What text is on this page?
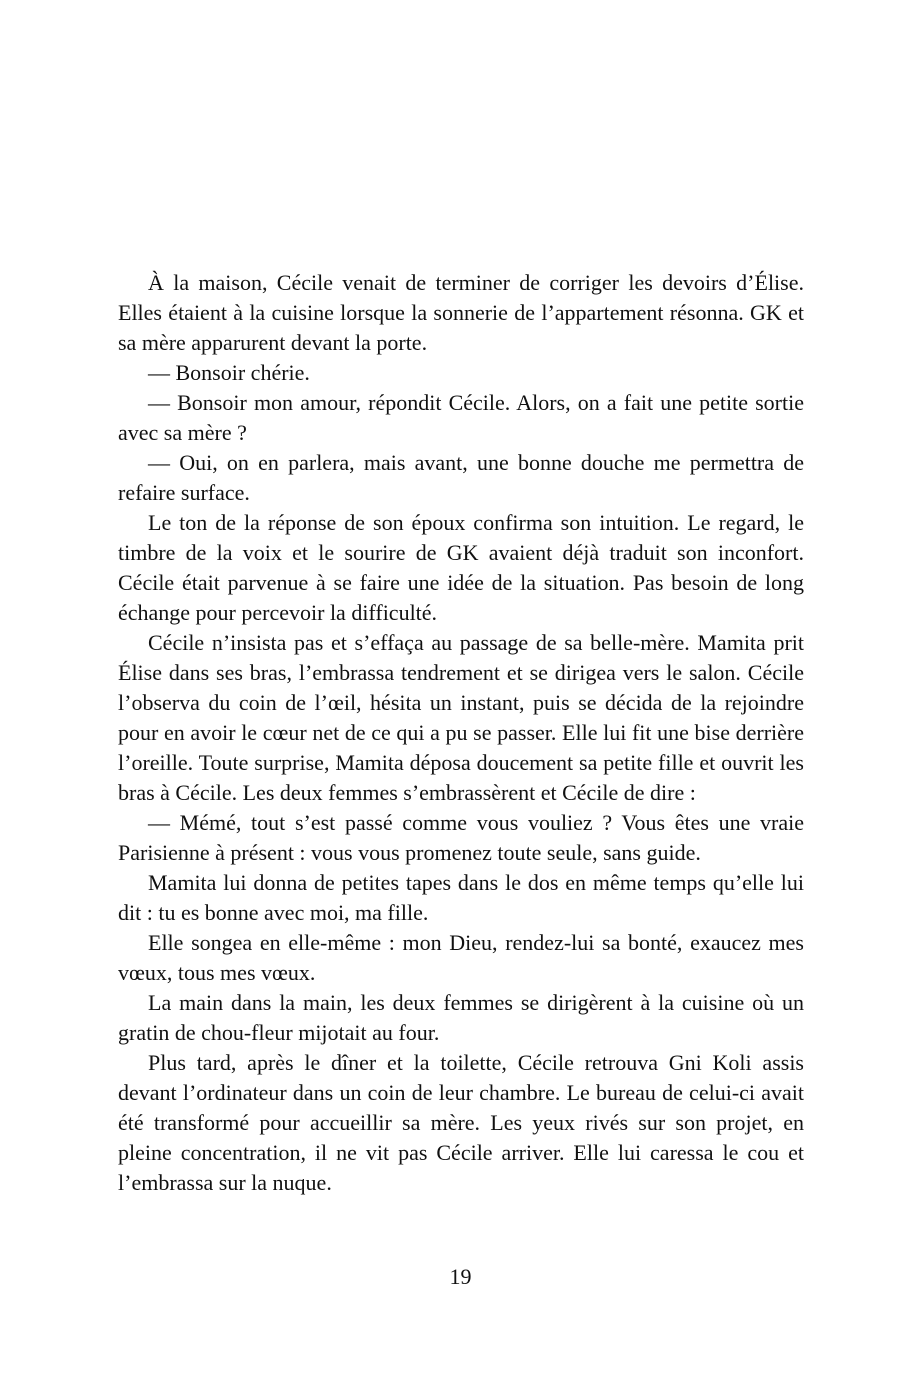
À la maison, Cécile venait de terminer de corriger les devoirs d’Élise. Elles étaient à la cuisine lorsque la sonnerie de l’appartement résonna. GK et sa mère apparurent devant la porte.

— Bonsoir chérie.

— Bonsoir mon amour, répondit Cécile. Alors, on a fait une petite sortie avec sa mère ?

— Oui, on en parlera, mais avant, une bonne douche me permettra de refaire surface.

Le ton de la réponse de son époux confirma son intuition. Le regard, le timbre de la voix et le sourire de GK avaient déjà traduit son inconfort. Cécile était parvenue à se faire une idée de la situation. Pas besoin de long échange pour percevoir la difficulté.

Cécile n’insista pas et s’effaça au passage de sa belle-mère. Mamita prit Élise dans ses bras, l’embrassa tendrement et se dirigea vers le salon. Cécile l’observa du coin de l’œil, hésita un instant, puis se décida de la rejoindre pour en avoir le cœur net de ce qui a pu se passer. Elle lui fit une bise derrière l’oreille. Toute surprise, Mamita déposa doucement sa petite fille et ouvrit les bras à Cécile. Les deux femmes s’embrassèrent et Cécile de dire :

— Mémé, tout s’est passé comme vous vouliez ? Vous êtes une vraie Parisienne à présent : vous vous promenez toute seule, sans guide.

Mamita lui donna de petites tapes dans le dos en même temps qu’elle lui dit : tu es bonne avec moi, ma fille.

Elle songea en elle-même : mon Dieu, rendez-lui sa bonté, exaucez mes vœux, tous mes vœux.

La main dans la main, les deux femmes se dirigèrent à la cuisine où un gratin de chou-fleur mijotait au four.

Plus tard, après le dîner et la toilette, Cécile retrouva Gni Koli assis devant l’ordinateur dans un coin de leur chambre. Le bureau de celui-ci avait été transformé pour accueillir sa mère. Les yeux rivés sur son projet, en pleine concentration, il ne vit pas Cécile arriver. Elle lui caressa le cou et l’embrassa sur la nuque.

19
